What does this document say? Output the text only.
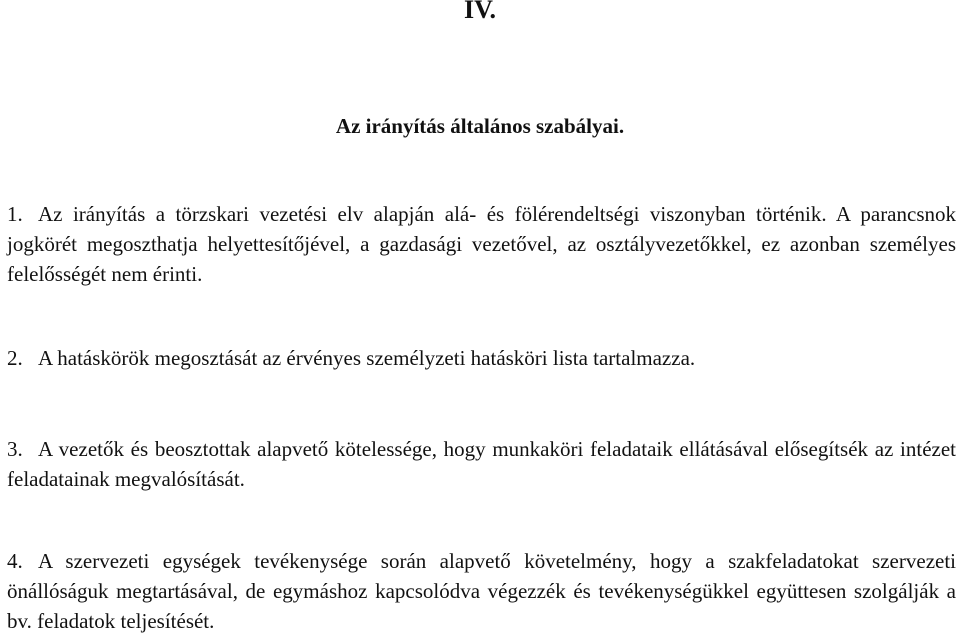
IV.
Az irányítás általános szabályai.

1. Az irányítás a törzskari vezetési elv alapján alá- és fölérendeltségi viszonyban történik. A parancsnok jogkörét megoszthatja helyettesítőjével, a gazdasági vezetővel, az osztályvezetőkkel, ez azonban személyes felelősségét nem érinti.

2. A hatáskörök megosztását az érvényes személyzeti hatásköri lista tartalmazza.

3. A vezetők és beosztottak alapvető kötelessége, hogy munkaköri feladataik ellátásával elősegítsék az intézet feladatainak megvalósítását.

4. A szervezeti egységek tevékenysége során alapvető követelmény, hogy a szakfeladatokat szervezeti önállóságuk megtartásával, de egymáshoz kapcsolódva végezzék és tevékenységükkel együttesen szolgálják a bv. feladatok teljesítését.
